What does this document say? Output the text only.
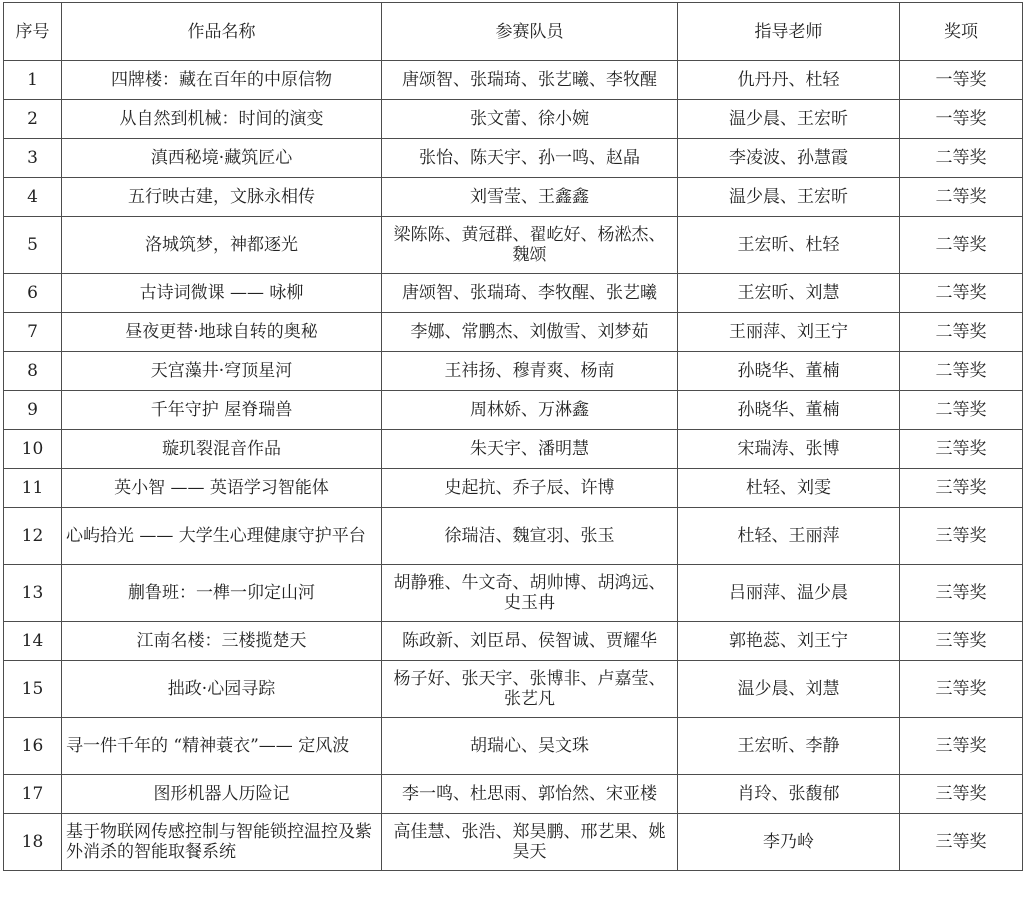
序号	作品名称	参赛队员	指导老师	奖项
1	四牌楼：藏在百年的中原信物	唐颂智、张瑞琦、张艺曦、李牧醒	仇丹丹、杜轻	一等奖
2	从自然到机械：时间的演变	张文蕾、徐小婉	温少晨、王宏昕	一等奖
3	滇西秘境·藏筑匠心	张怡、陈天宇、孙一鸣、赵晶	李凌波、孙慧霞	二等奖
4	五行映古建，文脉永相传	刘雪莹、王鑫鑫	温少晨、王宏昕	二等奖
5	洛城筑梦，神都逐光	梁陈陈、黄冠群、翟屹好、杨淞杰、魏颂	王宏昕、杜轻	二等奖
6	古诗词微课 —— 咏柳	唐颂智、张瑞琦、李牧醒、张艺曦	王宏昕、刘慧	二等奖
7	昼夜更替·地球自转的奥秘	李娜、常鹏杰、刘傲雪、刘梦茹	王丽萍、刘王宁	二等奖
8	天宫藻井·穹顶星河	王祎扬、穆青爽、杨南	孙晓华、董楠	二等奖
9	千年守护 屋脊瑞兽	周林娇、万淋鑫	孙晓华、董楠	二等奖
10	璇玑裂混音作品	朱天宇、潘明慧	宋瑞涛、张博	三等奖
11	英小智 —— 英语学习智能体	史起抗、乔子辰、许博	杜轻、刘雯	三等奖
12	心屿拾光 —— 大学生心理健康守护平台	徐瑞洁、魏宣羽、张玉	杜轻、王丽萍	三等奖
13	蒯鲁班：一榫一卯定山河	胡静雅、牛文奇、胡帅博、胡鸿远、史玉冉	吕丽萍、温少晨	三等奖
14	江南名楼：三楼揽楚天	陈政新、刘臣昂、侯智诚、贾耀华	郭艳蕊、刘王宁	三等奖
15	拙政·心园寻踪	杨子好、张天宇、张博非、卢嘉莹、张艺凡	温少晨、刘慧	三等奖
16	寻一件千年的 “精神蓑衣”—— 定风波	胡瑞心、吴文珠	王宏昕、李静	三等奖
17	图形机器人历险记	李一鸣、杜思雨、郭怡然、宋亚楼	肖玲、张馥郁	三等奖
18	基于物联网传感控制与智能锁控温控及紫外消杀的智能取餐系统	高佳慧、张浩、郑昊鹏、邢艺果、姚昊天	李乃岭	三等奖
